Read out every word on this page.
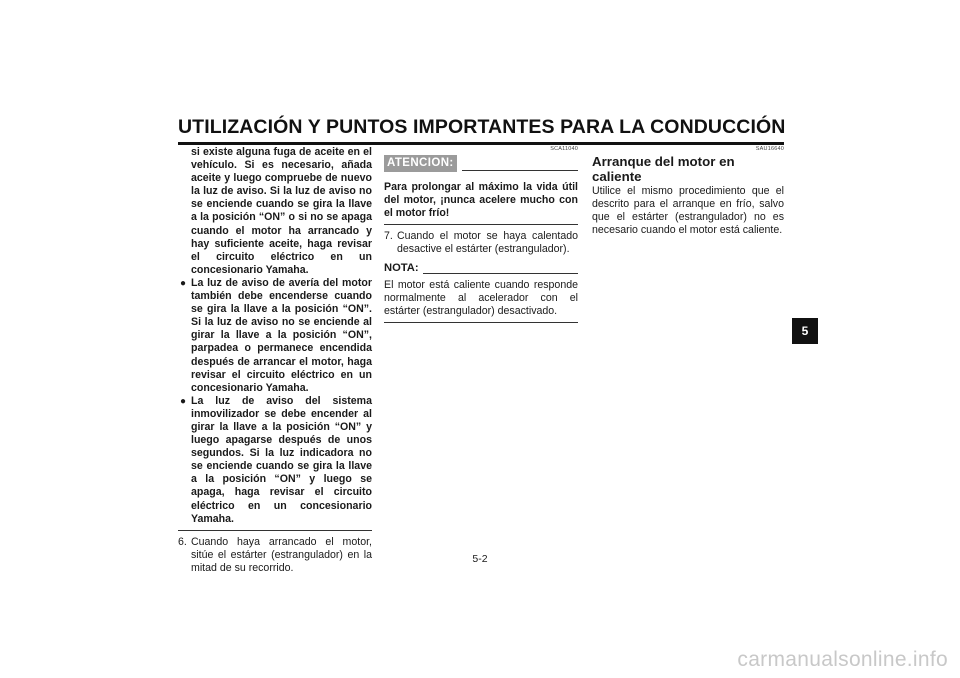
UTILIZACIÓN Y PUNTOS IMPORTANTES PARA LA CONDUCCIÓN
si existe alguna fuga de aceite en el vehículo. Si es necesario, añada aceite y luego compruebe de nuevo la luz de aviso. Si la luz de aviso no se enciende cuando se gira la llave a la posición “ON” o si no se apaga cuando el motor ha arrancado y hay suficiente aceite, haga revisar el circuito eléctrico en un concesionario Yamaha.
● La luz de aviso de avería del motor también debe encenderse cuando se gira la llave a la posición “ON”. Si la luz de aviso no se enciende al girar la llave a la posición “ON”, parpadea o permanece encendida después de arrancar el motor, haga revisar el circuito eléctrico en un concesionario Yamaha.
● La luz de aviso del sistema inmovilizador se debe encender al girar la llave a la posición “ON” y luego apagarse después de unos segundos. Si la luz indicadora no se enciende cuando se gira la llave a la posición “ON” y luego se apaga, haga revisar el circuito eléctrico en un concesionario Yamaha.
6. Cuando haya arrancado el motor, sitúe el estárter (estrangulador) en la mitad de su recorrido.
SCA11040
ATENCION:
Para prolongar al máximo la vida útil del motor, ¡nunca acelere mucho con el motor frío!
7. Cuando el motor se haya calentado desactive el estárter (estrangulador).
NOTA:
El motor está caliente cuando responde normalmente al acelerador con el estárter (estrangulador) desactivado.
SAU16640
Arranque del motor en caliente
Utilice el mismo procedimiento que el descrito para el arranque en frío, salvo que el estárter (estrangulador) no es necesario cuando el motor está caliente.
5-2
5
carmanualsonline.info
